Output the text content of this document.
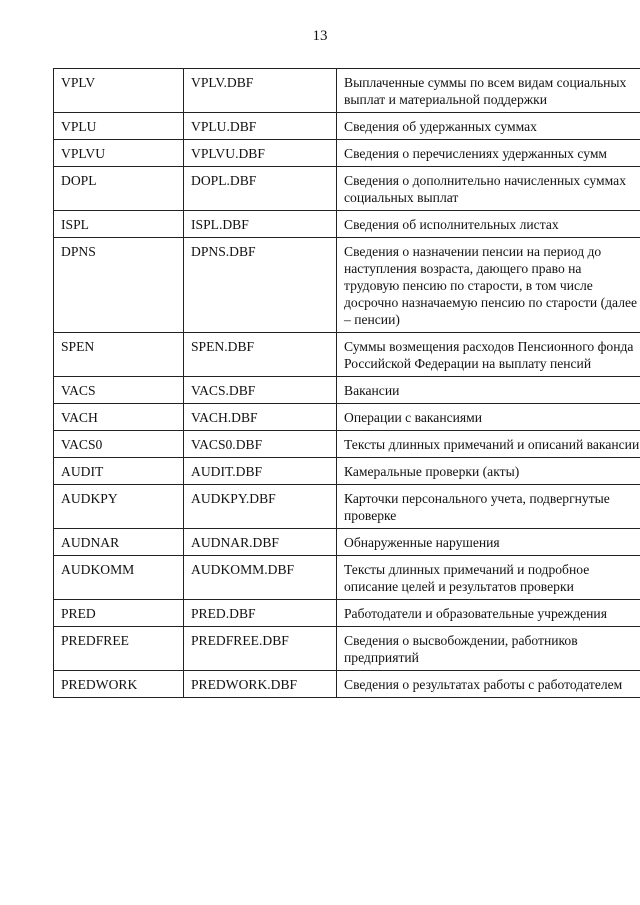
13
VPLV	VPLV.DBF	Выплаченные суммы по всем видам социальных выплат и материальной поддержки
VPLU	VPLU.DBF	Сведения об удержанных суммах
VPLVU	VPLVU.DBF	Сведения о перечислениях удержанных сумм
DOPL	DOPL.DBF	Сведения о дополнительно начисленных суммах социальных выплат
ISPL	ISPL.DBF	Сведения об исполнительных листах
DPNS	DPNS.DBF	Сведения о назначении пенсии на период до наступления возраста, дающего право на трудовую пенсию по старости, в том числе досрочно назначаемую пенсию по старости (далее – пенсии)
SPEN	SPEN.DBF	Суммы возмещения расходов Пенсионного фонда Российской Федерации на выплату пенсий
VACS	VACS.DBF	Вакансии
VACH	VACH.DBF	Операции с вакансиями
VACS0	VACS0.DBF	Тексты длинных примечаний и описаний вакансии
AUDIT	AUDIT.DBF	Камеральные проверки (акты)
AUDKPY	AUDKPY.DBF	Карточки персонального учета, подвергнутые проверке
AUDNAR	AUDNAR.DBF	Обнаруженные нарушения
AUDKOMM	AUDKOMM.DBF	Тексты длинных примечаний и подробное описание целей и результатов проверки
PRED	PRED.DBF	Работодатели и образовательные учреждения
PREDFREE	PREDFREE.DBF	Сведения о высвобождении, работников предприятий
PREDWORK	PREDWORK.DBF	Сведения о результатах работы с работодателем
